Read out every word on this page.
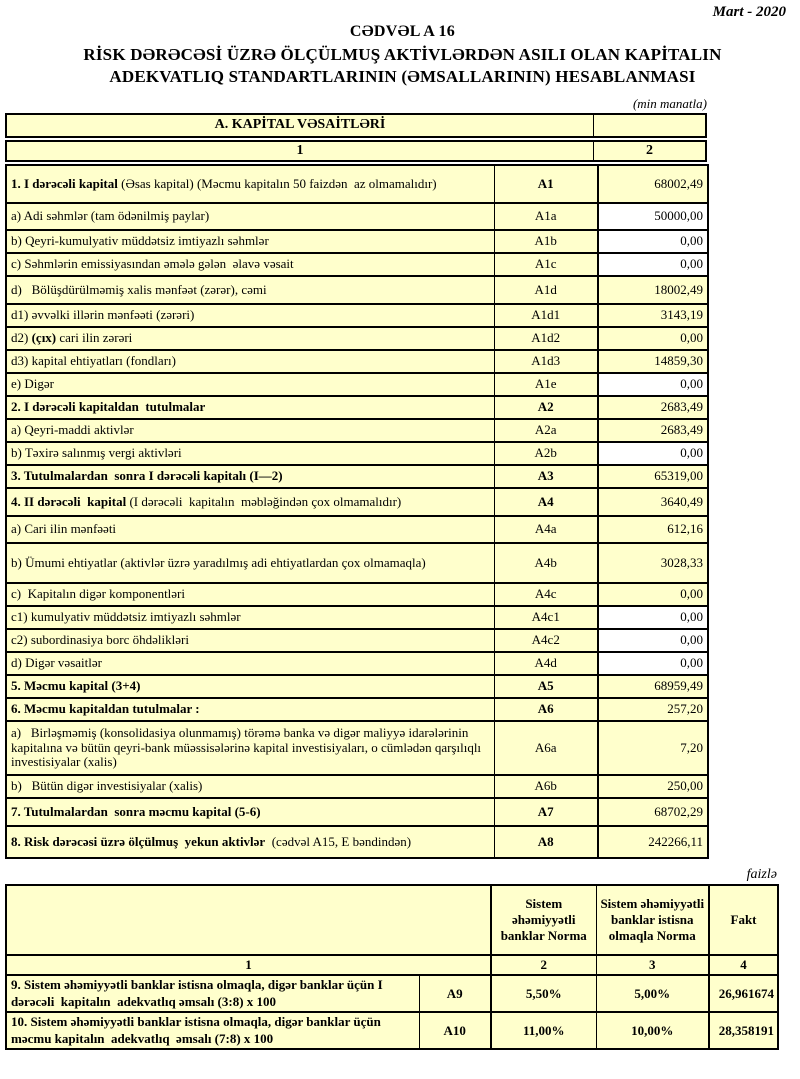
Mart - 2020
CƏDVƏL A 16
RİSK DƏRƏCƏSİ ÜZRƏ ÖLÇÜLMUŞ AKTİVLƏRDƏN ASILI OLAN KAPİTALIN
ADEKVATLIQ STANDARTLARININ (ƏMSALLARININ) HESABLANMASI
(min manatla)
A. KAPİTAL VƏSAİTLƏRİ
1	2
1. I dərəcəli kapital (Əsas kapital) (Məcmu kapitalın 50 faizdən  az olmamalıdır)	A1	68002,49
a) Adi səhmlər (tam ödənilmiş paylar)	A1a	50000,00
b) Qeyri-kumulyativ müddətsiz imtiyazlı səhmlər	A1b	0,00
c) Səhmlərin emissiyasından əmələ gələn  əlavə vəsait	A1c	0,00
d)   Bölüşdürülməmiş xalis mənfəət (zərər), cəmi	A1d	18002,49
d1) əvvəlki illərin mənfəəti (zərəri)	A1d1	3143,19
d2) (çıx) cari ilin zərəri	A1d2	0,00
d3) kapital ehtiyatları (fondları)	A1d3	14859,30
e) Digər	A1e	0,00
2. I dərəcəli kapitaldan  tutulmalar	A2	2683,49
a) Qeyri-maddi aktivlər	A2a	2683,49
b) Təxirə salınmış vergi aktivləri	A2b	0,00
3. Tutulmalardan  sonra I dərəcəli kapitalı (I—2)	A3	65319,00
4. II dərəcəli  kapital (I dərəcəli  kapitalın  məbləğindən çox olmamalıdır)	A4	3640,49
a) Cari ilin mənfəəti	A4a	612,16
b) Ümumi ehtiyatlar (aktivlər üzrə yaradılmış adi ehtiyatlardan çox olmamaqla)	A4b	3028,33
c)  Kapitalın digər komponentləri	A4c	0,00
c1) kumulyativ müddətsiz imtiyazlı səhmlər	A4c1	0,00
c2) subordinasiya borc öhdəlikləri	A4c2	0,00
d) Digər vəsaitlər	A4d	0,00
5. Məcmu kapital (3+4)	A5	68959,49
6. Məcmu kapitaldan tutulmalar :	A6	257,20
a)   Birləşməmiş (konsolidasiya olunmamış) törəmə banka və digər maliyyə idarələrinin kapitalına və bütün qeyri-bank müəssisələrinə kapital investisiyaları, o cümlədən qarşılıqlı investisiyalar (xalis)	A6a	7,20
b)   Bütün digər investisiyalar (xalis)	A6b	250,00
7. Tutulmalardan  sonra məcmu kapital (5-6)	A7	68702,29
8. Risk dərəcəsi üzrə ölçülmuş  yekun aktivlər  (cədvəl A15, E bəndindən)	A8	242266,11
faizlə
		Sistem əhəmiyyətli banklar Norma	Sistem əhəmiyyətli banklar istisna olmaqla Norma	Fakt
1		2	3	4
9. Sistem əhəmiyyətli banklar istisna olmaqla, digər banklar üçün I dərəcəli  kapitalın  adekvatlıq əmsalı (3:8) x 100	A9	5,50%	5,00%	26,961674
10. Sistem əhəmiyyətli banklar istisna olmaqla, digər banklar üçün məcmu kapitalın  adekvatlıq  əmsalı (7:8) x 100	A10	11,00%	10,00%	28,358191
